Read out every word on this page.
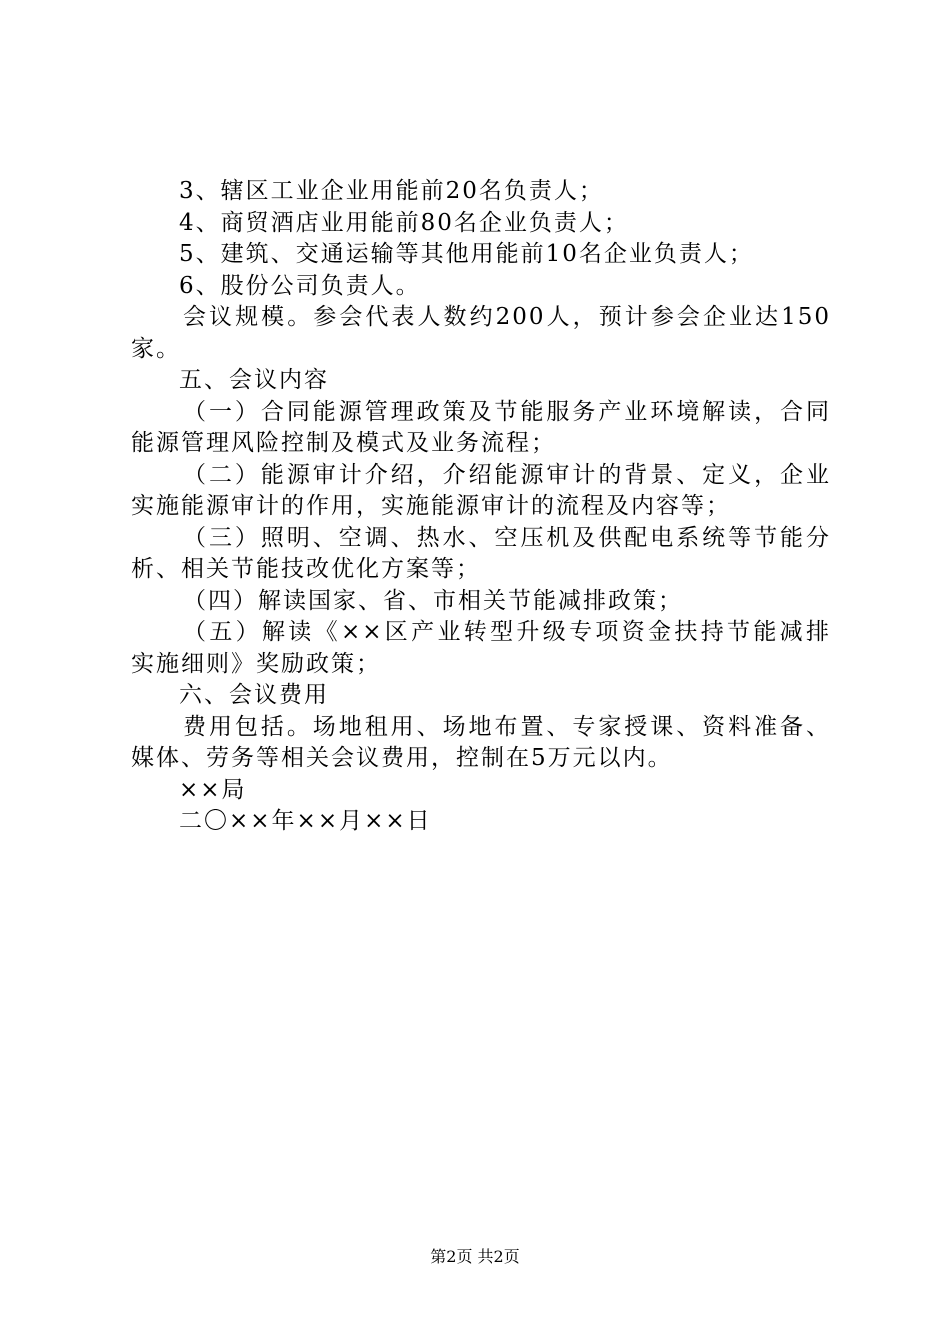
3、辖区工业企业用能前20名负责人；
4、商贸酒店业用能前80名企业负责人；
5、建筑、交通运输等其他用能前10名企业负责人；
6、股份公司负责人。
会议规模。参会代表人数约200人，预计参会企业达150
家。
五、会议内容
（一）合同能源管理政策及节能服务产业环境解读，合同
能源管理风险控制及模式及业务流程；
（二）能源审计介绍，介绍能源审计的背景、定义，企业
实施能源审计的作用，实施能源审计的流程及内容等；
（三）照明、空调、热水、空压机及供配电系统等节能分
析、相关节能技改优化方案等；
（四）解读国家、省、市相关节能减排政策；
（五）解读《××区产业转型升级专项资金扶持节能减排
实施细则》奖励政策；
六、会议费用
费用包括。场地租用、场地布置、专家授课、资料准备、
媒体、劳务等相关会议费用，控制在5万元以内。
××局
二〇××年××月××日
第2页 共2页
